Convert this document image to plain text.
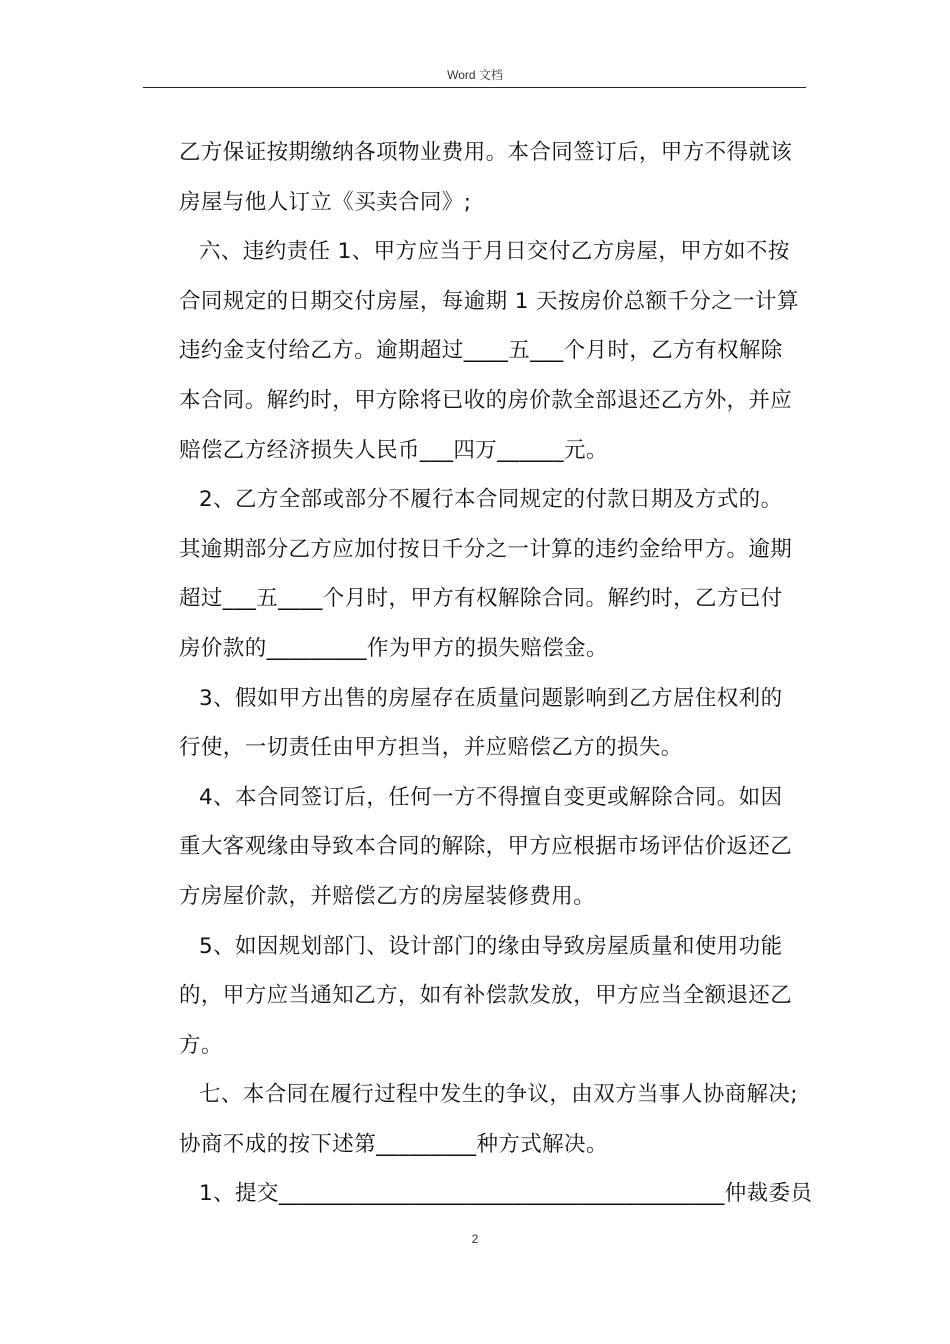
Word 文档
乙方保证按期缴纳各项物业费用。本合同签订后，甲方不得就该
房屋与他人订立《买卖合同》;
六、违约责任 1、甲方应当于月日交付乙方房屋，甲方如不按
合同规定的日期交付房屋，每逾期 1 天按房价总额千分之一计算
违约金支付给乙方。逾期超过____五___个月时，乙方有权解除
本合同。解约时，甲方除将已收的房价款全部退还乙方外，并应
赔偿乙方经济损失人民币___四万______元。
2、乙方全部或部分不履行本合同规定的付款日期及方式的。
其逾期部分乙方应加付按日千分之一计算的违约金给甲方。逾期
超过___五____个月时，甲方有权解除合同。解约时，乙方已付
房价款的_________作为甲方的损失赔偿金。
3、假如甲方出售的房屋存在质量问题影响到乙方居住权利的
行使，一切责任由甲方担当，并应赔偿乙方的损失。
4、本合同签订后，任何一方不得擅自变更或解除合同。如因
重大客观缘由导致本合同的解除，甲方应根据市场评估价返还乙
方房屋价款，并赔偿乙方的房屋装修费用。
5、如因规划部门、设计部门的缘由导致房屋质量和使用功能
的，甲方应当通知乙方，如有补偿款发放，甲方应当全额退还乙
方。
七、本合同在履行过程中发生的争议，由双方当事人协商解决;
协商不成的按下述第_________种方式解决。
1、提交________________________________________仲裁委员
2
